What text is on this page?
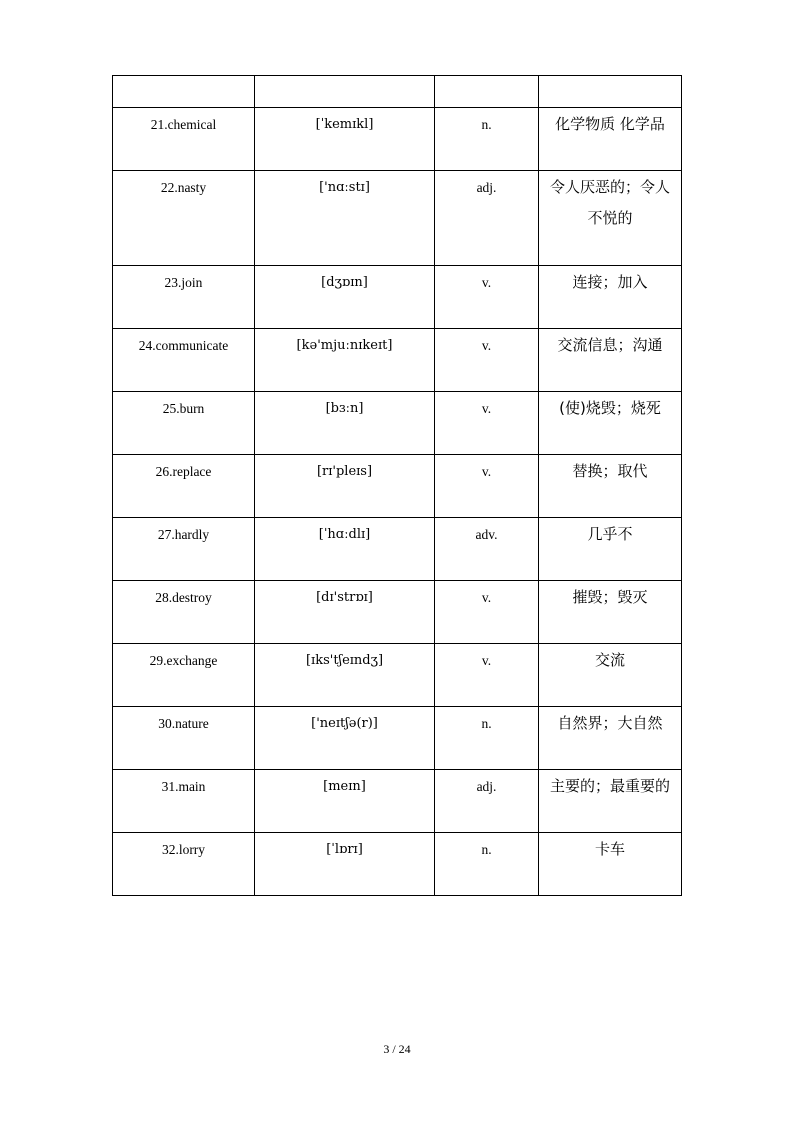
21.chemical	[ˈkemɪkl]	n.	化学物质 化学品

22.nasty	['nɑːstɪ]	adj.	令人厌恶的；令人不悦的

23.join	[dʒɒɪn]	v.	连接；加入

24.communicate	[kə'mjuːnɪkeɪt]	v.	交流信息；沟通

25.burn	[bɜːn]	v.	(使)烧毁；烧死

26.replace	[rɪ'pleɪs]	v.	替换；取代

27.hardly	[ˈhɑːdlɪ]	adv.	几乎不

28.destroy	[dɪ'strɒɪ]	v.	摧毁；毁灭

29.exchange	[ɪks'tʃeɪndʒ]	v.	交流

30.nature	['neɪtʃə(r)]	n.	自然界；大自然

31.main	[meɪn]	adj.	主要的；最重要的

32.lorry	[ˈlɒrɪ]	n.	卡车
3 / 24
